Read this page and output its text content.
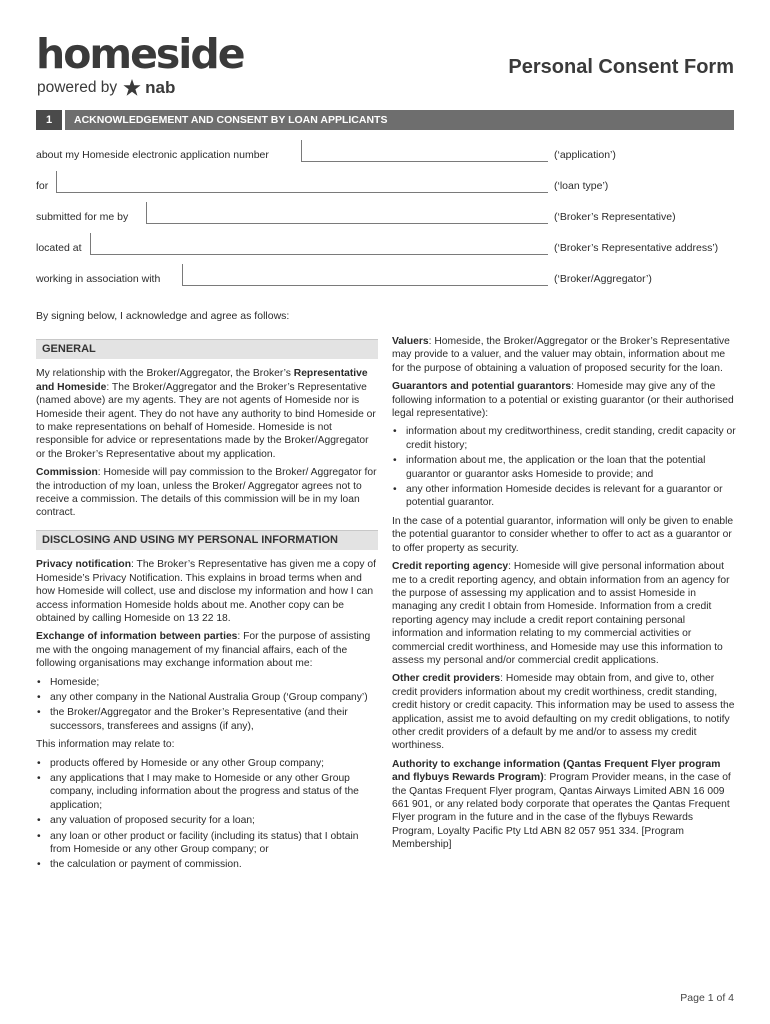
homeside
powered by nab
Personal Consent Form
1	ACKNOWLEDGEMENT AND CONSENT BY LOAN APPLICANTS
about my Homeside electronic application number	(‘application’)
for	(‘loan type’)
submitted for me by	(‘Broker’s Representative)
located at	(‘Broker’s Representative address’)
working in association with	(‘Broker/Aggregator’)
By signing below, I acknowledge and agree as follows:
GENERAL

My relationship with the Broker/Aggregator, the Broker’s Representative and Homeside: The Broker/Aggregator and the Broker’s Representative (named above) are my agents. They are not agents of Homeside nor is Homeside their agent. They do not have any authority to bind Homeside or to make representations on behalf of Homeside. Homeside is not responsible for advice or representations made by the Broker/Aggregator or the Broker’s Representative about my application.

Commission: Homeside will pay commission to the Broker/ Aggregator for the introduction of my loan, unless the Broker/ Aggregator agrees not to receive a commission. The details of this commission will be in my loan contract.

DISCLOSING AND USING MY PERSONAL INFORMATION

Privacy notification: The Broker’s Representative has given me a copy of Homeside’s Privacy Notification. This explains in broad terms when and how Homeside will collect, use and disclose my information and how I can access information Homeside holds about me. Another copy can be obtained by calling Homeside on 13 22 18.

Exchange of information between parties: For the purpose of assisting me with the ongoing management of my financial affairs, each of the following organisations may exchange information about me:

• Homeside;
• any other company in the National Australia Group (‘Group company’)
• the Broker/Aggregator and the Broker’s Representative (and their successors, transferees and assigns (if any),

This information may relate to:

• products offered by Homeside or any other Group company;
• any applications that I may make to Homeside or any other Group company, including information about the progress and status of the application;
• any valuation of proposed security for a loan;
• any loan or other product or facility (including its status) that I obtain from Homeside or any other Group company; or
• the calculation or payment of commission.

Valuers: Homeside, the Broker/Aggregator or the Broker’s Representative may provide to a valuer, and the valuer may obtain, information about me for the purpose of obtaining a valuation of proposed security for the loan.

Guarantors and potential guarantors: Homeside may give any of the following information to a potential or existing guarantor (or their authorised legal representative):

• information about my creditworthiness, credit standing, credit capacity or credit history;
• information about me, the application or the loan that the potential guarantor or guarantor asks Homeside to provide; and
• any other information Homeside decides is relevant for a guarantor or potential guarantor.

In the case of a potential guarantor, information will only be given to enable the potential guarantor to consider whether to offer to act as a guarantor or to offer property as security.

Credit reporting agency: Homeside will give personal information about me to a credit reporting agency, and obtain information from an agency for the purpose of assessing my application and to assist Homeside in managing any credit I obtain from Homeside. Information from a credit reporting agency may include a credit report containing personal information and information relating to my commercial activities or commercial credit worthiness, and Homeside may use this information to assess my personal and/or commercial credit applications.

Other credit providers: Homeside may obtain from, and give to, other credit providers information about my credit worthiness, credit standing, credit history or credit capacity. This information may be used to assess the application, assist me to avoid defaulting on my credit obligations, to notify other credit providers of a default by me and/or to assess my credit worthiness.

Authority to exchange information (Qantas Frequent Flyer program and flybuys Rewards Program): Program Provider means, in the case of the Qantas Frequent Flyer program, Qantas Airways Limited ABN 16 009 661 901, or any related body corporate that operates the Qantas Frequent Flyer program in the future and in the case of the flybuys Rewards Program, Loyalty Pacific Pty Ltd ABN 82 057 951 334. [Program Membership]

Page 1 of 4
